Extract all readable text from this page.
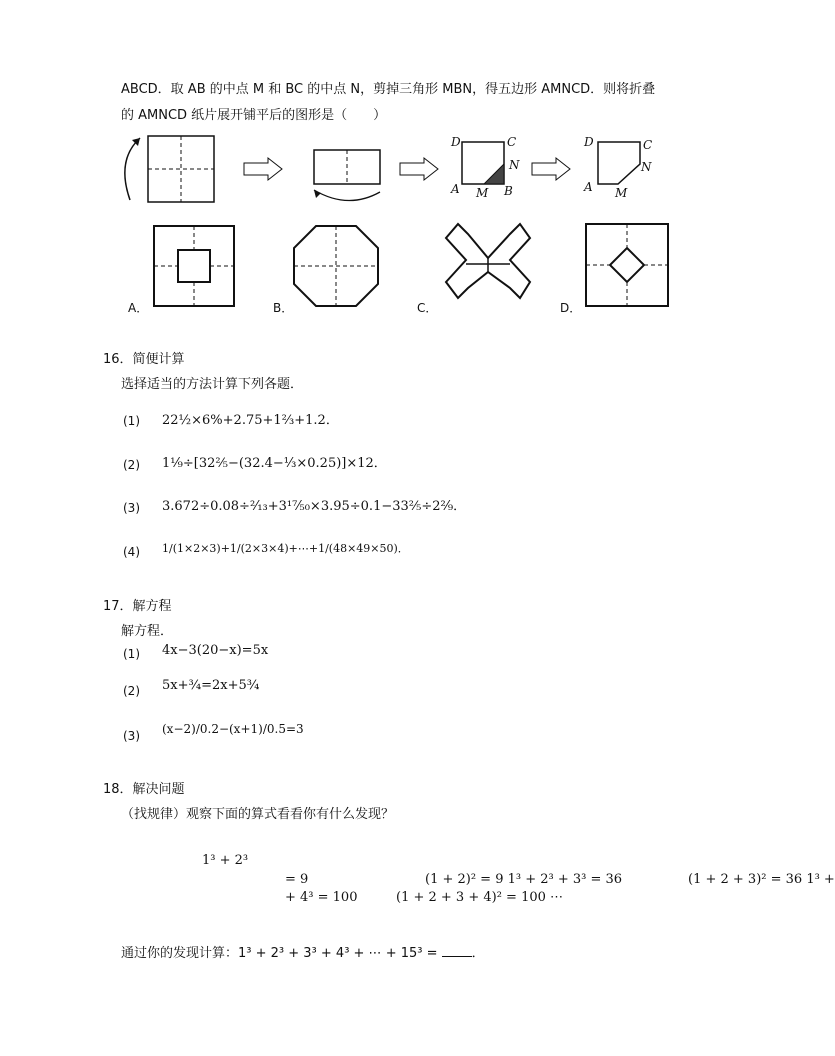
ABCD．取 AB 的中点 M 和 BC 的中点 N，剪掉三角形 MBN，得五边形 AMNCD．则将折叠
的 AMNCD 纸片展开铺平后的图形是（　　）
D	C
N
A M B
D	C
N
A M
A．	B．	C．	D．
16．简便计算
选择适当的方法计算下列各题．
(1) 22½×6%+2.75+1⅔+1.2．
(2) 1¹⁄₉÷[32⅖−(32.4−⅓×0.25)]×12．
(3) 3.672÷0.08÷²⁄₁₃+3¹⁷⁄₅₀×3.95÷0.1−33⅖÷2²⁄₉．
(4) 1/(1×2×3)+1/(2×3×4)+⋯+1/(48×49×50)．
17．解方程
解方程．
(1) 4x−3(20−x)=5x
(2) 5x+¾=2x+5¾
(3) (x−2)/0.2−(x+1)/0.5=3
18．解决问题
（找规律）观察下面的算式看看你有什么发现？
1³ + 2³
= 9	(1 + 2)² = 9 1³ + 2³ + 3³ = 36	(1 + 2 + 3)² = 36 1³ +
+ 4³ = 100	(1 + 2 + 3 + 4)² = 100 ⋯
通过你的发现计算：1³ + 2³ + 3³ + 4³ + ⋯ + 15³ =	．
